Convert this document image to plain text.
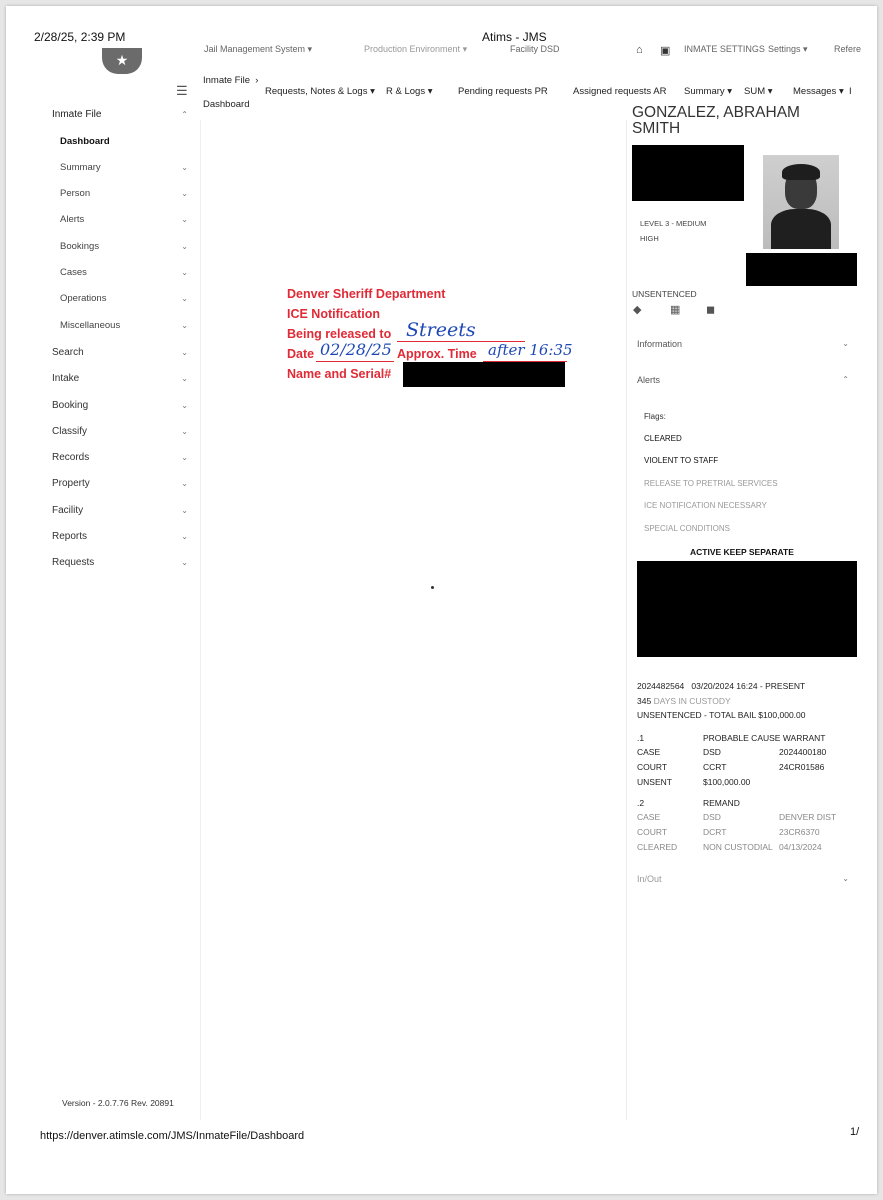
2/28/25, 2:39 PM	Atims - JMS
https://denver.atimsle.com/JMS/InmateFile/Dashboard	1/
★
Jail Management System ▾	Production Environment ▾	Facility DSD	⌂ ▣ INMATE SETTINGS Settings ▾	Refere
☰
Inmate File	⌃
Dashboard
Summary	⌄
Person	⌄
Alerts	⌄
Bookings	⌄
Cases	⌄
Operations	⌄
Miscellaneous	⌄
Search	⌄
Intake	⌄
Booking	⌄
Classify	⌄
Records	⌄
Property	⌄
Facility	⌄
Reports	⌄
Requests	⌄
Version - 2.0.7.76 Rev. 20891
Inmate File  ›
Dashboard
Requests, Notes & Logs ▾ R & Logs ▾	Pending requests PR	Assigned requests AR Summary ▾ SUM ▾ Messages ▾  I
Denver Sheriff Department
ICE Notification
Being released to Streets
Date 02/28/25 Approx. Time after 16:35
Name and Serial#
GONZALEZ, ABRAHAM SMITH
LEVEL 3 - MEDIUM
HIGH
UNSENTENCED
◆	▦ ◼
Information	⌄
Alerts	⌃
Flags:
CLEARED
VIOLENT TO STAFF
RELEASE TO PRETRIAL SERVICES
ICE NOTIFICATION NECESSARY
SPECIAL CONDITIONS
ACTIVE KEEP SEPARATE
2024482564 03/20/2024 16:24 - PRESENT
345 DAYS IN CUSTODY
UNSENTENCED - TOTAL BAIL $100,000.00
.1	PROBABLE CAUSE WARRANT
CASE	DSD	2024400180
COURT	CCRT	24CR01586
UNSENT	$100,000.00
.2	REMAND
CASE	DSD	DENVER DIST
COURT	DCRT	23CR6370
CLEARED	NON CUSTODIAL 04/13/2024
In/Out	⌄
